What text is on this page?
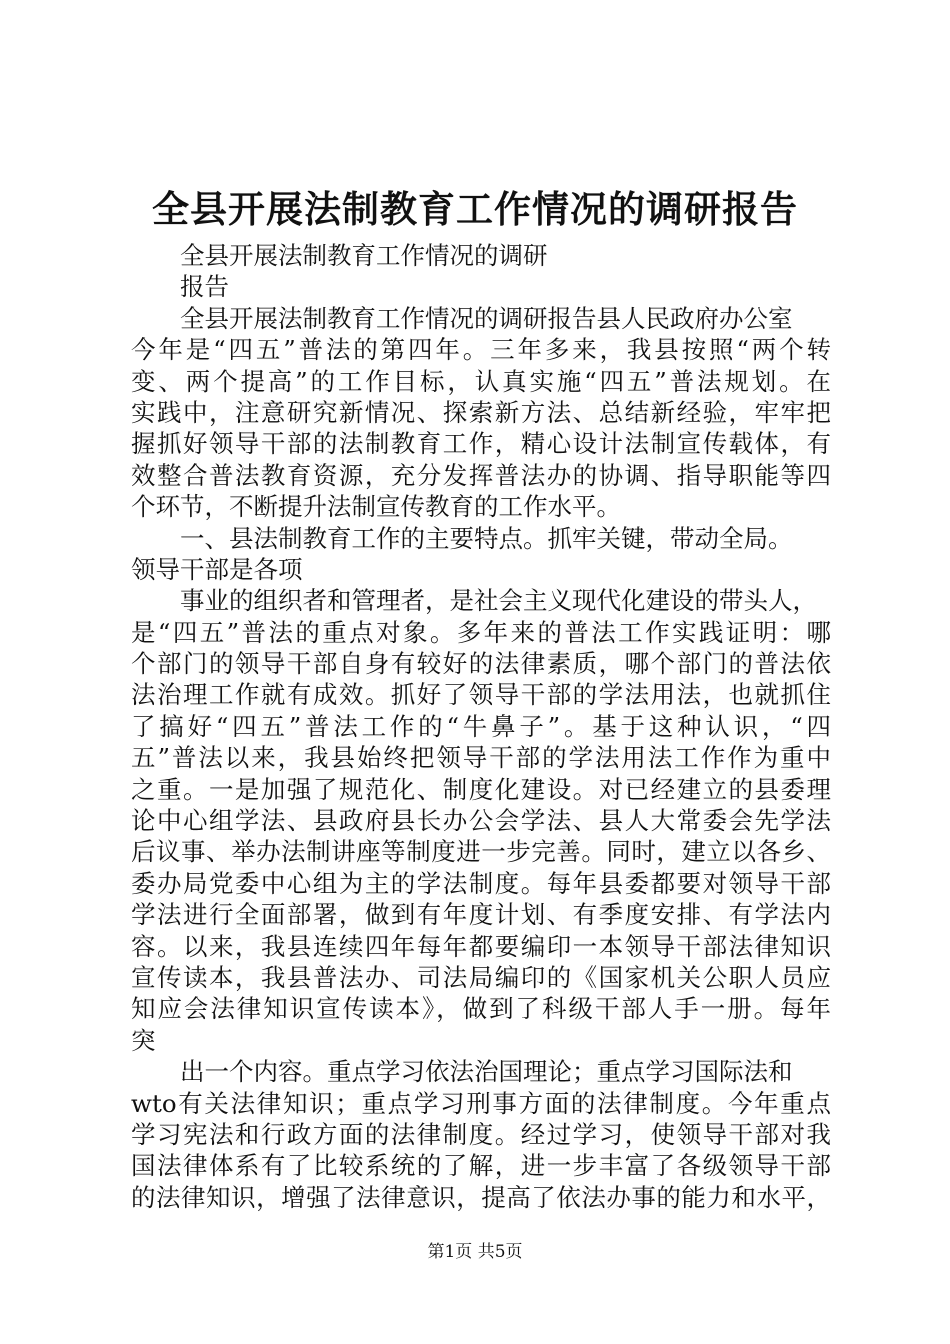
全县开展法制教育工作情况的调研报告
全县开展法制教育工作情况的调研
报告
全县开展法制教育工作情况的调研报告县人民政府办公室
今年是“四五”普法的第四年。三年多来，我县按照“两个转
变、两个提高”的工作目标，认真实施“四五”普法规划。在
实践中，注意研究新情况、探索新方法、总结新经验，牢牢把
握抓好领导干部的法制教育工作，精心设计法制宣传载体，有
效整合普法教育资源，充分发挥普法办的协调、指导职能等四
个环节，不断提升法制宣传教育的工作水平。
一、县法制教育工作的主要特点。抓牢关键，带动全局。
领导干部是各项
事业的组织者和管理者，是社会主义现代化建设的带头人，
是“四五”普法的重点对象。多年来的普法工作实践证明：哪
个部门的领导干部自身有较好的法律素质，哪个部门的普法依
法治理工作就有成效。抓好了领导干部的学法用法，也就抓住
了搞好“四五”普法工作的“牛鼻子”。基于这种认识，“四
五”普法以来，我县始终把领导干部的学法用法工作作为重中
之重。一是加强了规范化、制度化建设。对已经建立的县委理
论中心组学法、县政府县长办公会学法、县人大常委会先学法
后议事、举办法制讲座等制度进一步完善。同时，建立以各乡、
委办局党委中心组为主的学法制度。每年县委都要对领导干部
学法进行全面部署，做到有年度计划、有季度安排、有学法内
容。以来，我县连续四年每年都要编印一本领导干部法律知识
宣传读本，我县普法办、司法局编印的《国家机关公职人员应
知应会法律知识宣传读本》，做到了科级干部人手一册。每年
突
出一个内容。重点学习依法治国理论；重点学习国际法和
wto有关法律知识；重点学习刑事方面的法律制度。今年重点
学习宪法和行政方面的法律制度。经过学习，使领导干部对我
国法律体系有了比较系统的了解，进一步丰富了各级领导干部
的法律知识，增强了法律意识，提高了依法办事的能力和水平，
第1页 共5页
